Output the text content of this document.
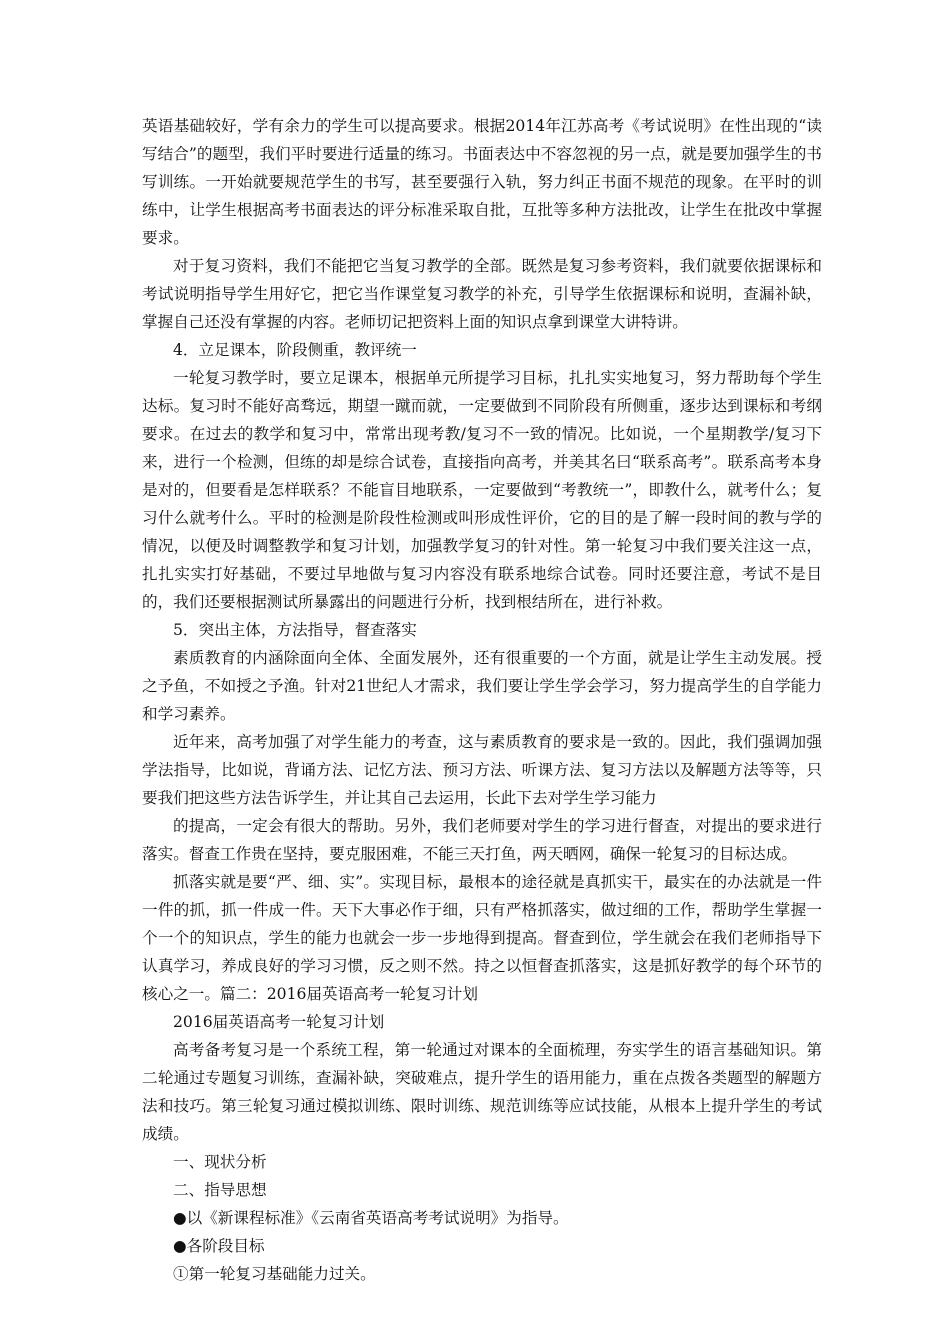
英语基础较好，学有余力的学生可以提高要求。根据2014年江苏高考《考试说明》在性出现的“读写结合”的题型，我们平时要进行适量的练习。书面表达中不容忽视的另一点，就是要加强学生的书写训练。一开始就要规范学生的书写，甚至要强行入轨，努力纠正书面不规范的现象。在平时的训练中，让学生根据高考书面表达的评分标准采取自批，互批等多种方法批改，让学生在批改中掌握要求。

对于复习资料，我们不能把它当复习教学的全部。既然是复习参考资料，我们就要依据课标和考试说明指导学生用好它，把它当作课堂复习教学的补充，引导学生依据课标和说明，查漏补缺，掌握自己还没有掌握的内容。老师切记把资料上面的知识点拿到课堂大讲特讲。

4．立足课本，阶段侧重，教评统一

一轮复习教学时，要立足课本，根据单元所提学习目标，扎扎实实地复习，努力帮助每个学生达标。复习时不能好高骛远，期望一蹴而就，一定要做到不同阶段有所侧重，逐步达到课标和考纲要求。在过去的教学和复习中，常常出现考教/复习不一致的情况。比如说，一个星期教学/复习下来，进行一个检测，但练的却是综合试卷，直接指向高考，并美其名曰“联系高考”。联系高考本身是对的，但要看是怎样联系？不能盲目地联系，一定要做到“考教统一”，即教什么，就考什么；复习什么就考什么。平时的检测是阶段性检测或叫形成性评价，它的目的是了解一段时间的教与学的情况，以便及时调整教学和复习计划，加强教学复习的针对性。第一轮复习中我们要关注这一点，扎扎实实打好基础，不要过早地做与复习内容没有联系地综合试卷。同时还要注意，考试不是目的，我们还要根据测试所暴露出的问题进行分析，找到根结所在，进行补救。

5．突出主体，方法指导，督查落实

素质教育的内涵除面向全体、全面发展外，还有很重要的一个方面，就是让学生主动发展。授之予鱼，不如授之予渔。针对21世纪人才需求，我们要让学生学会学习，努力提高学生的自学能力和学习素养。

近年来，高考加强了对学生能力的考查，这与素质教育的要求是一致的。因此，我们强调加强学法指导，比如说，背诵方法、记忆方法、预习方法、听课方法、复习方法以及解题方法等等，只要我们把这些方法告诉学生，并让其自己去运用，长此下去对学生学习能力

的提高，一定会有很大的帮助。另外，我们老师要对学生的学习进行督查，对提出的要求进行落实。督查工作贵在坚持，要克服困难，不能三天打鱼，两天晒网，确保一轮复习的目标达成。

抓落实就是要“严、细、实”。实现目标，最根本的途径就是真抓实干，最实在的办法就是一件一件的抓，抓一件成一件。天下大事必作于细，只有严格抓落实，做过细的工作，帮助学生掌握一个一个的知识点，学生的能力也就会一步一步地得到提高。督查到位，学生就会在我们老师指导下认真学习，养成良好的学习习惯，反之则不然。持之以恒督查抓落实，这是抓好教学的每个环节的核心之一。篇二：2016届英语高考一轮复习计划

2016届英语高考一轮复习计划

高考备考复习是一个系统工程，第一轮通过对课本的全面梳理，夯实学生的语言基础知识。第二轮通过专题复习训练，查漏补缺，突破难点，提升学生的语用能力，重在点拨各类题型的解题方法和技巧。第三轮复习通过模拟训练、限时训练、规范训练等应试技能，从根本上提升学生的考试成绩。

一、现状分析

二、指导思想

●以《新课程标准》《云南省英语高考考试说明》为指导。

●各阶段目标

①第一轮复习基础能力过关。
